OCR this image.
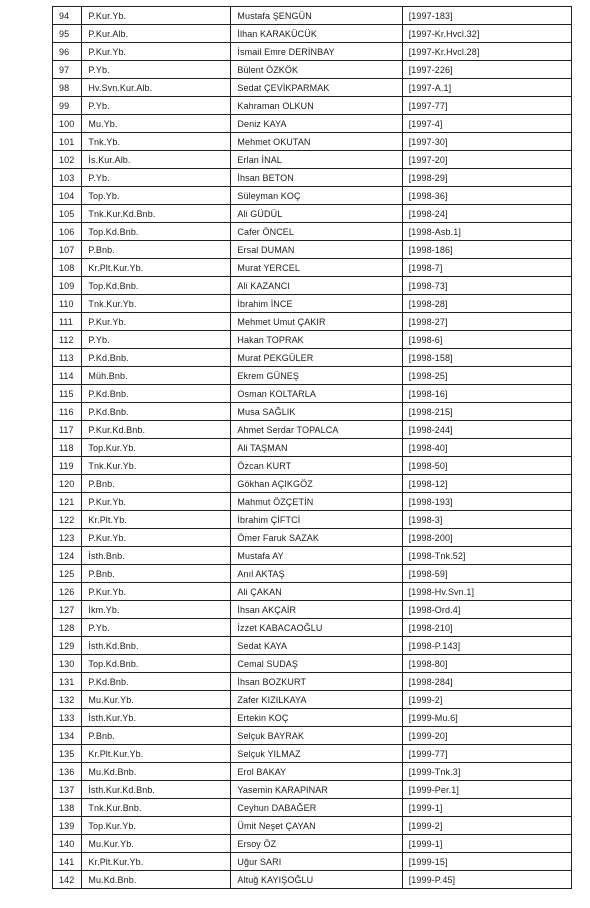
94	P.Kur.Yb.	Mustafa ŞENGÜN	[1997-183]
95	P.Kur.Alb.	İlhan KARAKÜCÜK	[1997-Kr.Hvcl.32]
96	P.Kur.Yb.	İsmail Emre DERİNBAY	[1997-Kr.Hvcl.28]
97	P.Yb.	Bülent ÖZKÖK	[1997-226]
98	Hv.Svn.Kur.Alb.	Sedat ÇEVİKPARMAK	[1997-A.1]
99	P.Yb.	Kahraman OLKUN	[1997-77]
100	Mu.Yb.	Deniz KAYA	[1997-4]
101	Tnk.Yb.	Mehmet OKUTAN	[1997-30]
102	İs.Kur.Alb.	Erlan İNAL	[1997-20]
103	P.Yb.	İhsan BETON	[1998-29]
104	Top.Yb.	Süleyman KOÇ	[1998-36]
105	Tnk.Kur.Kd.Bnb.	Ali GÜDÜL	[1998-24]
106	Top.Kd.Bnb.	Cafer ÖNCEL	[1998-Asb.1]
107	P.Bnb.	Ersal DUMAN	[1998-186]
108	Kr.Plt.Kur.Yb.	Murat YERCEL	[1998-7]
109	Top.Kd.Bnb.	Ali KAZANCI	[1998-73]
110	Tnk.Kur.Yb.	İbrahim İNCE	[1998-28]
111	P.Kur.Yb.	Mehmet Umut ÇAKIR	[1998-27]
112	P.Yb.	Hakan TOPRAK	[1998-6]
113	P.Kd.Bnb.	Murat PEKGÜLER	[1998-158]
114	Müh.Bnb.	Ekrem GÜNEŞ	[1998-25]
115	P.Kd.Bnb.	Osman KOLTARLA	[1998-16]
116	P.Kd.Bnb.	Musa SAĞLIK	[1998-215]
117	P.Kur.Kd.Bnb.	Ahmet Serdar TOPALCA	[1998-244]
118	Top.Kur.Yb.	Ali TAŞMAN	[1998-40]
119	Tnk.Kur.Yb.	Özcan KURT	[1998-50]
120	P.Bnb.	Gökhan AÇIKGÖZ	[1998-12]
121	P.Kur.Yb.	Mahmut ÖZÇETİN	[1998-193]
122	Kr.Plt.Yb.	İbrahim ÇİFTCİ	[1998-3]
123	P.Kur.Yb.	Ömer Faruk SAZAK	[1998-200]
124	İsth.Bnb.	Mustafa AY	[1998-Tnk.52]
125	P.Bnb.	Anıl AKTAŞ	[1998-59]
126	P.Kur.Yb.	Ali ÇAKAN	[1998-Hv.Svn.1]
127	İkm.Yb.	İhsan AKÇAİR	[1998-Ord.4]
128	P.Yb.	İzzet KABACAOĞLU	[1998-210]
129	İsth.Kd.Bnb.	Sedat KAYA	[1998-P.143]
130	Top.Kd.Bnb.	Cemal SUDAŞ	[1998-80]
131	P.Kd.Bnb.	İhsan BOZKURT	[1998-284]
132	Mu.Kur.Yb.	Zafer KIZILKAYA	[1999-2]
133	İsth.Kur.Yb.	Ertekin KOÇ	[1999-Mu.6]
134	P.Bnb.	Selçuk BAYRAK	[1999-20]
135	Kr.Plt.Kur.Yb.	Selçuk YILMAZ	[1999-77]
136	Mu.Kd.Bnb.	Erol BAKAY	[1999-Tnk.3]
137	İsth.Kur.Kd.Bnb.	Yasemin KARAPINAR	[1999-Per.1]
138	Tnk.Kur.Bnb.	Ceyhun DABAĞER	[1999-1]
139	Top.Kur.Yb.	Ümit Neşet ÇAYAN	[1999-2]
140	Mu.Kur.Yb.	Ersoy ÖZ	[1999-1]
141	Kr.Plt.Kur.Yb.	Uğur SARI	[1999-15]
142	Mu.Kd.Bnb.	Altuğ KAYIŞOĞLU	[1999-P.45]
